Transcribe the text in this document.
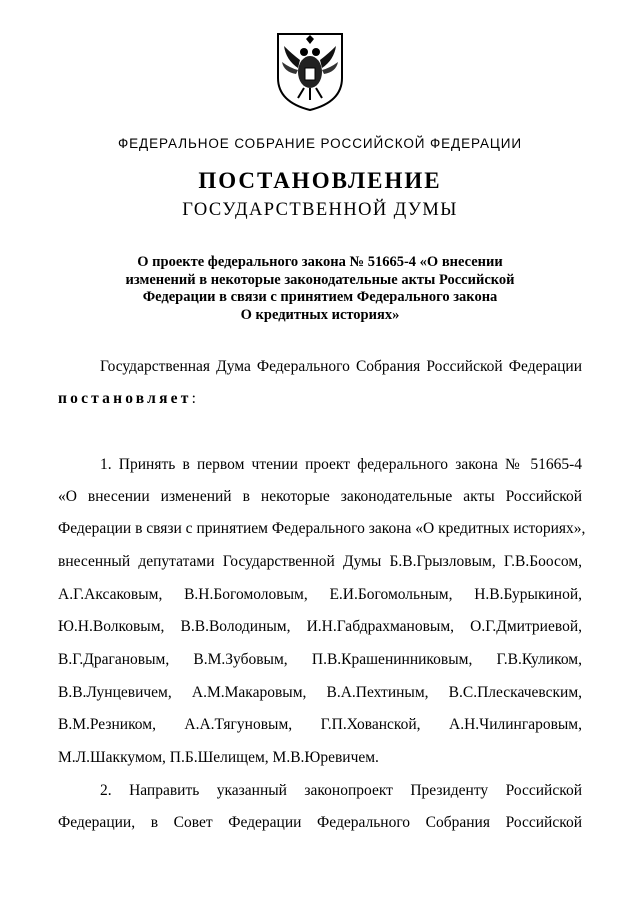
ФЕДЕРАЛЬНОЕ СОБРАНИЕ РОССИЙСКОЙ ФЕДЕРАЦИИ
ПОСТАНОВЛЕНИЕ
ГОСУДАРСТВЕННОЙ ДУМЫ
О проекте федерального закона № 51665-4 «О внесении
изменений в некоторые законодательные акты Российской
Федерации в связи с принятием Федерального закона
О кредитных историях»
Государственная Дума Федерального Собрания Российской Федерации
постановляет:
1. Принять в первом чтении проект федерального закона № 51665-4
«О внесении изменений в некоторые законодательные акты Российской
Федерации в связи с принятием Федерального закона «О кредитных историях»,
внесенный депутатами Государственной Думы Б.В.Грызловым, Г.В.Боосом,
А.Г.Аксаковым, В.Н.Богомоловым, Е.И.Богомольным, Н.В.Бурыкиной,
Ю.Н.Волковым, В.В.Володиным, И.Н.Габдрахмановым, О.Г.Дмитриевой,
В.Г.Драгановым, В.М.Зубовым, П.В.Крашенинниковым, Г.В.Куликом,
В.В.Лунцевичем, А.М.Макаровым, В.А.Пехтиным, В.С.Плескачевским,
В.М.Резником, А.А.Тягуновым, Г.П.Хованской, А.Н.Чилингаровым,
М.Л.Шаккумом, П.Б.Шелищем, М.В.Юревичем.
2. Направить указанный законопроект Президенту Российской
Федерации, в Совет Федерации Федерального Собрания Российской
